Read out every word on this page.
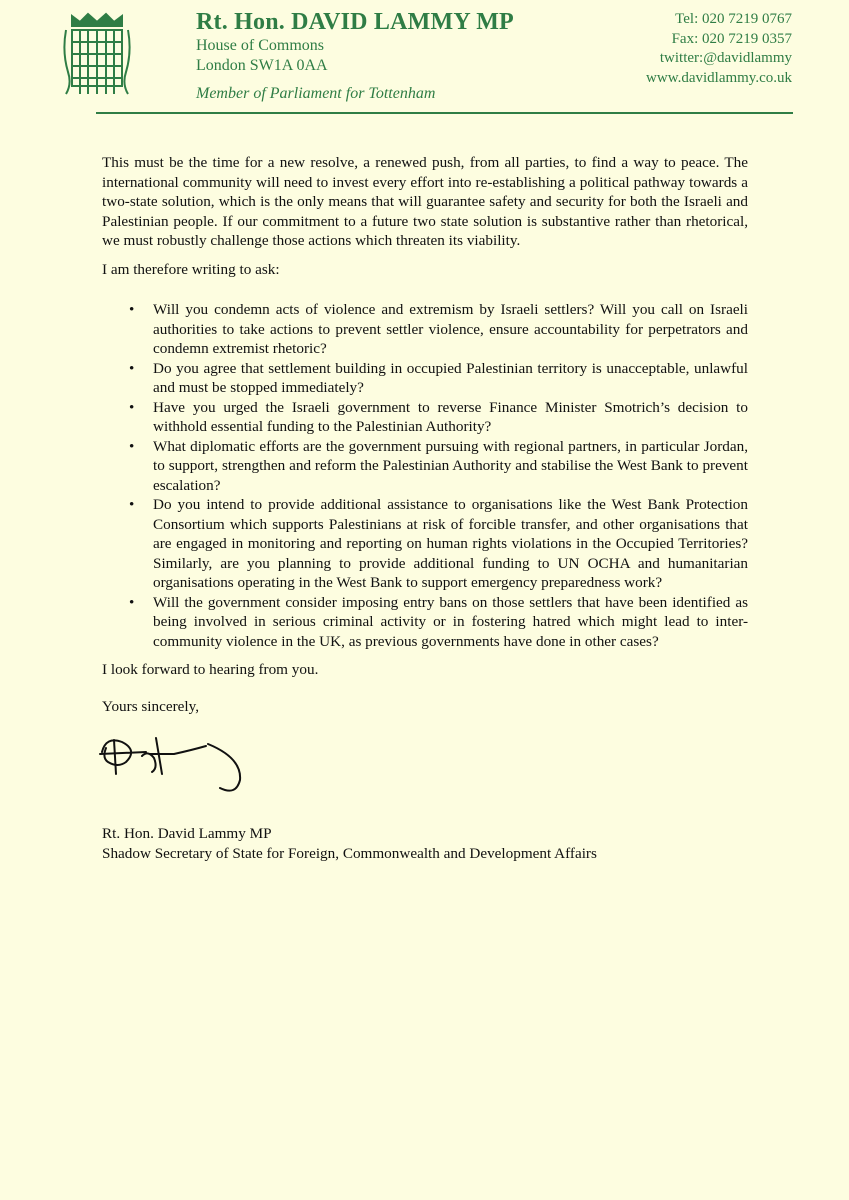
Rt. Hon. DAVID LAMMY MP
House of Commons
London SW1A 0AA
Member of Parliament for Tottenham
Tel: 020 7219 0767
Fax: 020 7219 0357
twitter:@davidlammy
www.davidlammy.co.uk
This must be the time for a new resolve, a renewed push, from all parties, to find a way to peace. The international community will need to invest every effort into re-establishing a political pathway towards a two-state solution, which is the only means that will guarantee safety and security for both the Israeli and Palestinian people. If our commitment to a future two state solution is substantive rather than rhetorical, we must robustly challenge those actions which threaten its viability.
I am therefore writing to ask:
• Will you condemn acts of violence and extremism by Israeli settlers? Will you call on Israeli authorities to take actions to prevent settler violence, ensure accountability for perpetrators and condemn extremist rhetoric?
• Do you agree that settlement building in occupied Palestinian territory is unacceptable, unlawful and must be stopped immediately?
• Have you urged the Israeli government to reverse Finance Minister Smotrich’s decision to withhold essential funding to the Palestinian Authority?
• What diplomatic efforts are the government pursuing with regional partners, in particular Jordan, to support, strengthen and reform the Palestinian Authority and stabilise the West Bank to prevent escalation?
• Do you intend to provide additional assistance to organisations like the West Bank Protection Consortium which supports Palestinians at risk of forcible transfer, and other organisations that are engaged in monitoring and reporting on human rights violations in the Occupied Territories? Similarly, are you planning to provide additional funding to UN OCHA and humanitarian organisations operating in the West Bank to support emergency preparedness work?
• Will the government consider imposing entry bans on those settlers that have been identified as being involved in serious criminal activity or in fostering hatred which might lead to inter-community violence in the UK, as previous governments have done in other cases?
I look forward to hearing from you.
Yours sincerely,
Rt. Hon. David Lammy MP
Shadow Secretary of State for Foreign, Commonwealth and Development Affairs
